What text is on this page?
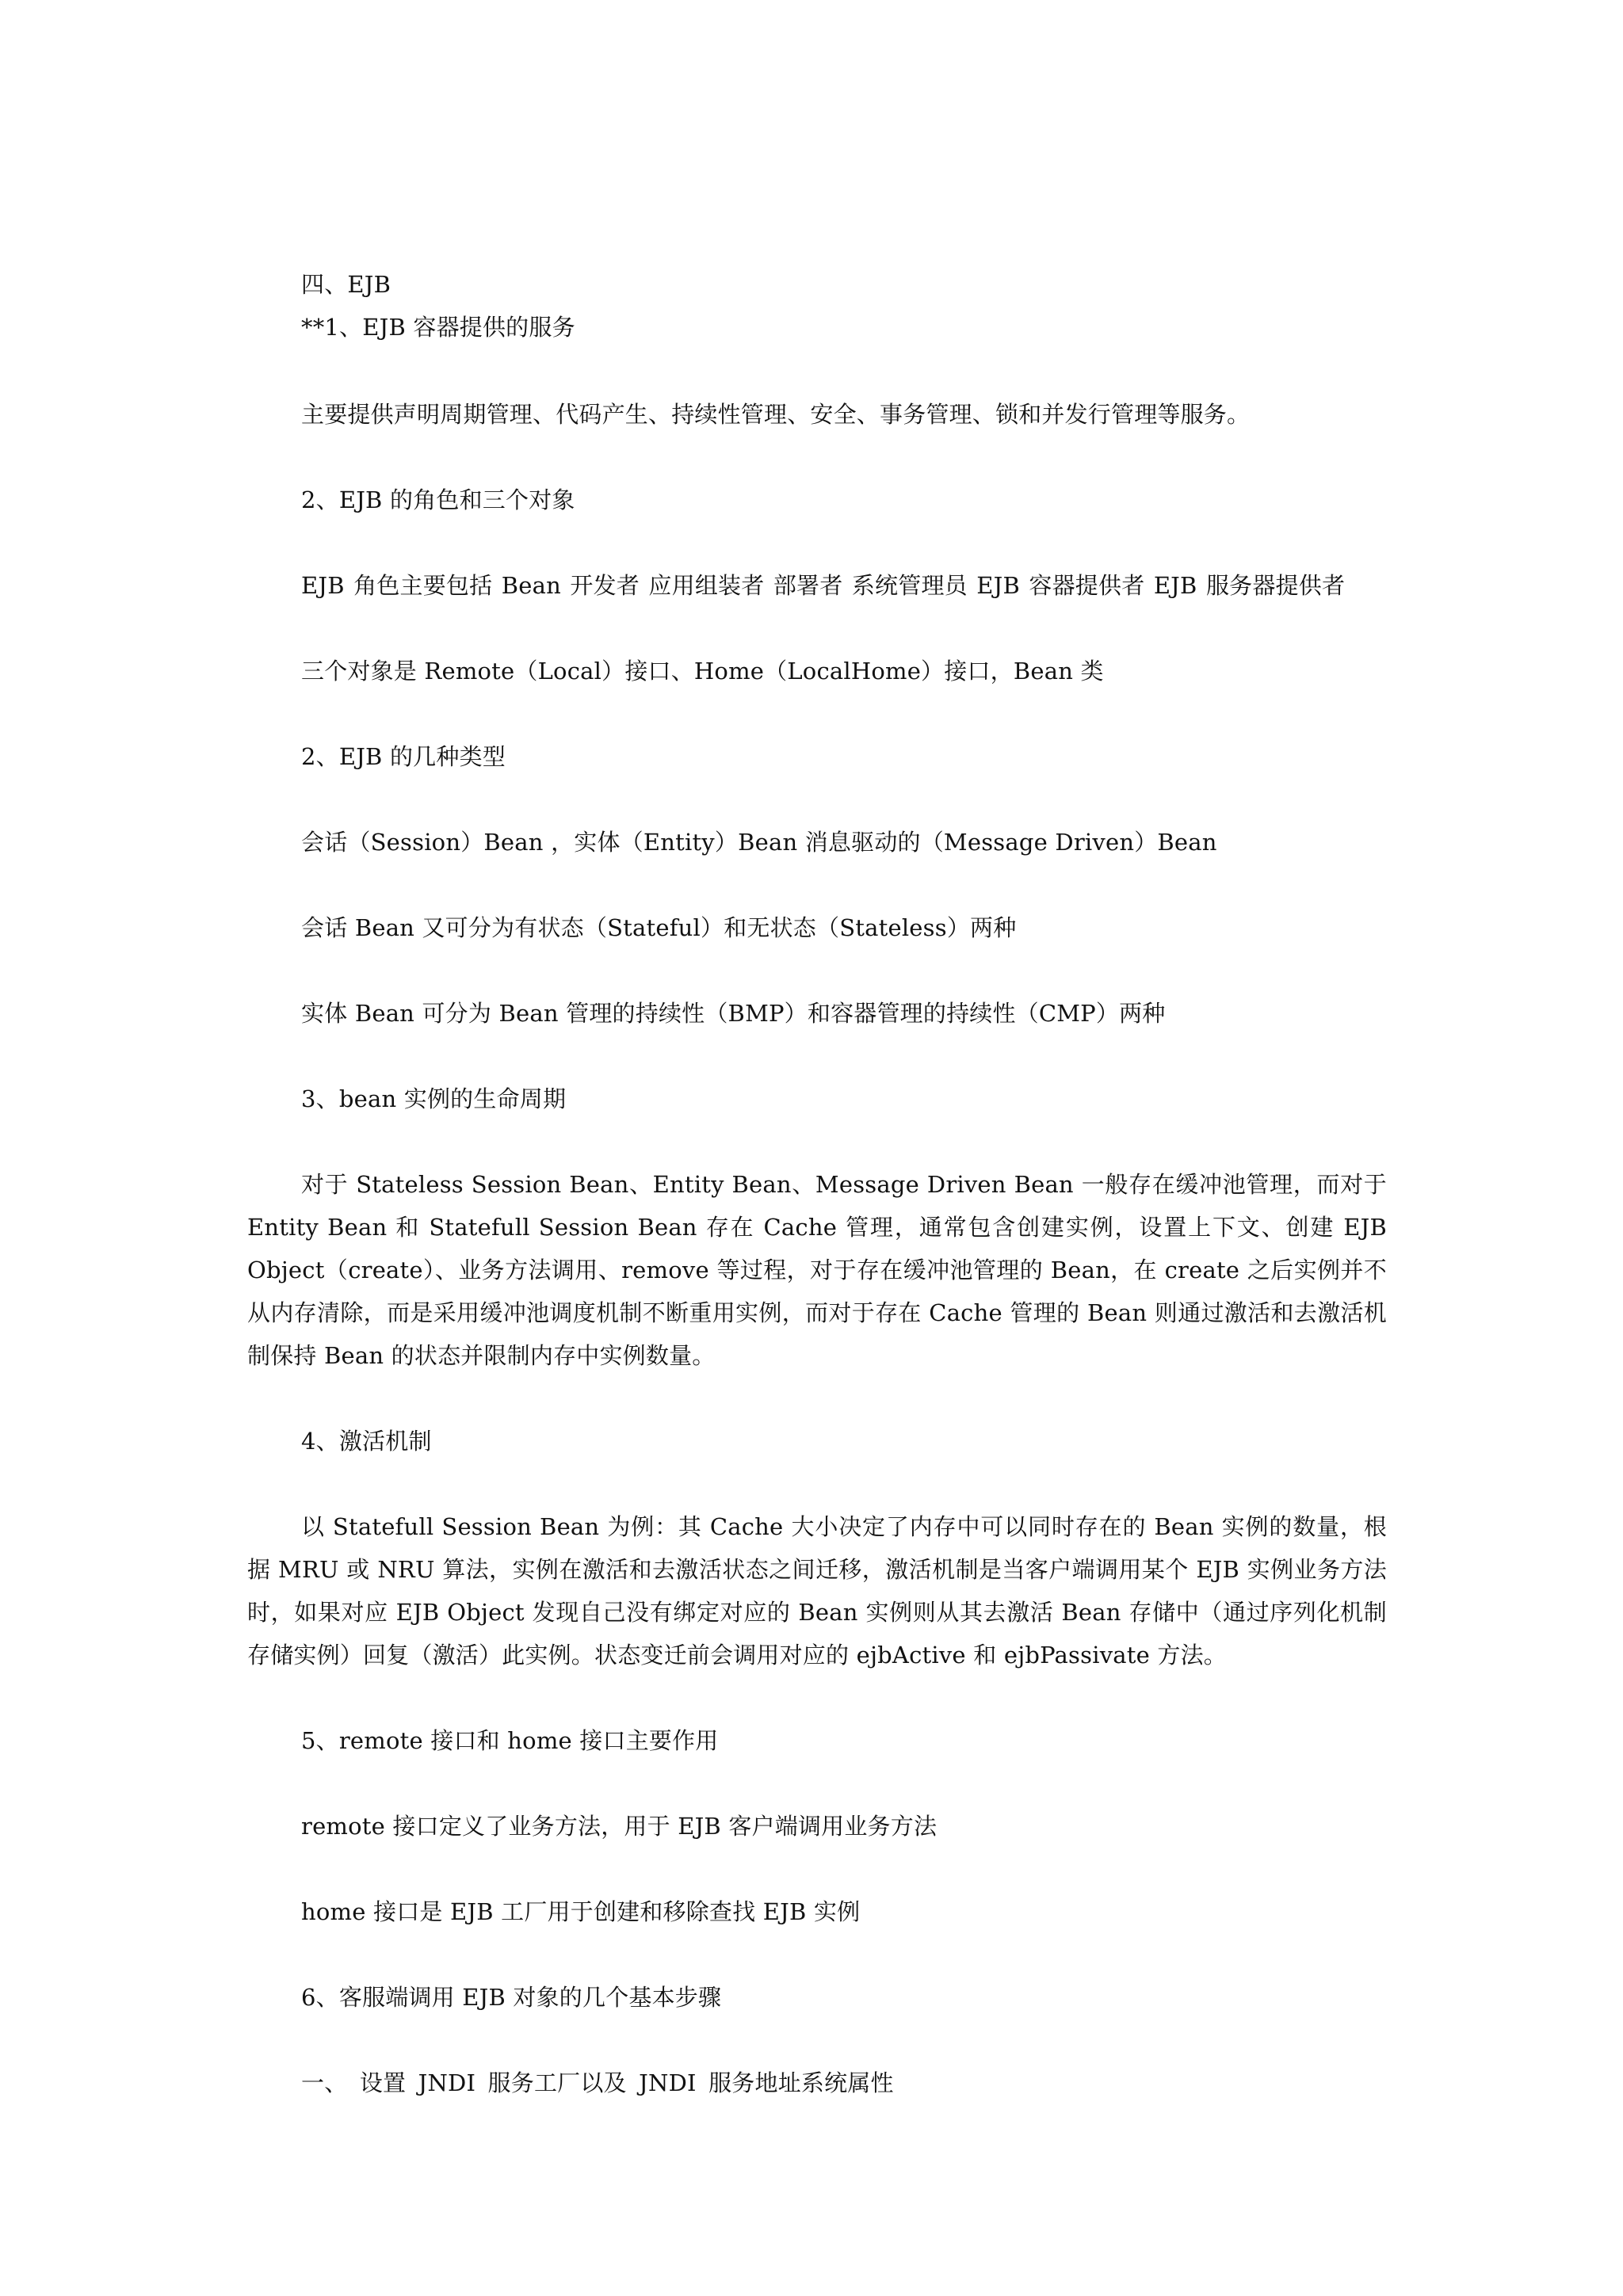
四、EJB
**1、EJB 容器提供的服务
主要提供声明周期管理、代码产生、持续性管理、安全、事务管理、锁和并发行管理等服务。
2、EJB 的角色和三个对象
EJB 角色主要包括 Bean 开发者 应用组装者 部署者 系统管理员 EJB 容器提供者 EJB 服务器提供者
三个对象是 Remote（Local）接口、Home（LocalHome）接口，Bean 类
2、EJB 的几种类型
会话（Session）Bean ，实体（Entity）Bean 消息驱动的（Message Driven）Bean
会话 Bean 又可分为有状态（Stateful）和无状态（Stateless）两种
实体 Bean 可分为 Bean 管理的持续性（BMP）和容器管理的持续性（CMP）两种
3、bean 实例的生命周期
对于 Stateless Session Bean、Entity Bean、Message Driven Bean 一般存在缓冲池管理，而对于 Entity Bean 和 Statefull Session Bean 存在 Cache 管理，通常包含创建实例，设置上下文、创建 EJB Object（create）、业务方法调用、remove 等过程，对于存在缓冲池管理的 Bean，在 create 之后实例并不从内存清除，而是采用缓冲池调度机制不断重用实例，而对于存在 Cache 管理的 Bean 则通过激活和去激活机制保持 Bean 的状态并限制内存中实例数量。
4、激活机制
以 Statefull Session Bean 为例：其 Cache 大小决定了内存中可以同时存在的 Bean 实例的数量，根据 MRU 或 NRU 算法，实例在激活和去激活状态之间迁移，激活机制是当客户端调用某个 EJB 实例业务方法时，如果对应 EJB Object 发现自己没有绑定对应的 Bean 实例则从其去激活 Bean 存储中（通过序列化机制存储实例）回复（激活）此实例。状态变迁前会调用对应的 ejbActive 和 ejbPassivate 方法。
5、remote 接口和 home 接口主要作用
remote 接口定义了业务方法，用于 EJB 客户端调用业务方法
home 接口是 EJB 工厂用于创建和移除查找 EJB 实例
6、客服端调用 EJB 对象的几个基本步骤
一、 设置 JNDI 服务工厂以及 JNDI 服务地址系统属性
